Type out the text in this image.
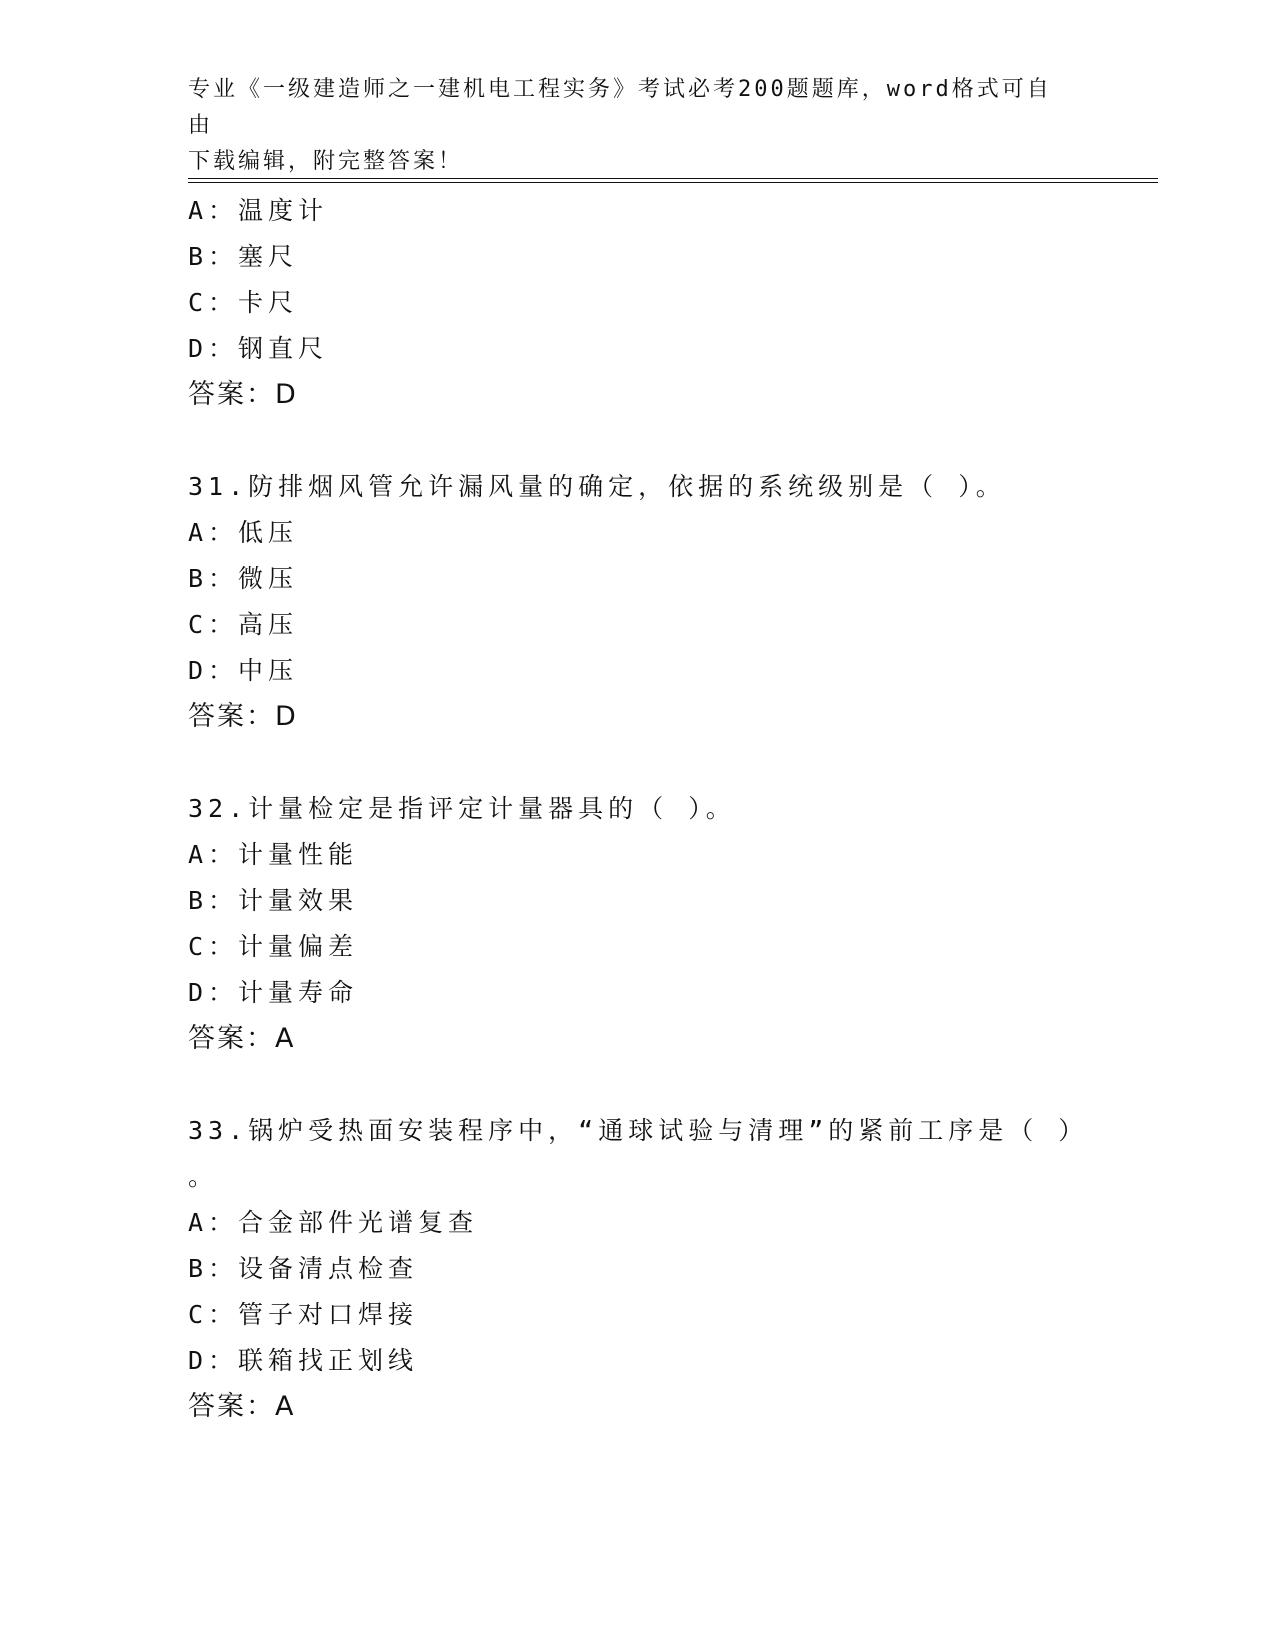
专业《一级建造师之一建机电工程实务》考试必考200题题库，word格式可自由
下载编辑，附完整答案！
A：温度计
B：塞尺
C：卡尺
D：钢直尺
答案：D
31.防排烟风管允许漏风量的确定，依据的系统级别是（ ）。
A：低压
B：微压
C：高压
D：中压
答案：D
32.计量检定是指评定计量器具的（ ）。
A：计量性能
B：计量效果
C：计量偏差
D：计量寿命
答案：A
33.锅炉受热面安装程序中，“通球试验与清理”的紧前工序是（ ）
。
A：合金部件光谱复查
B：设备清点检查
C：管子对口焊接
D：联箱找正划线
答案：A
